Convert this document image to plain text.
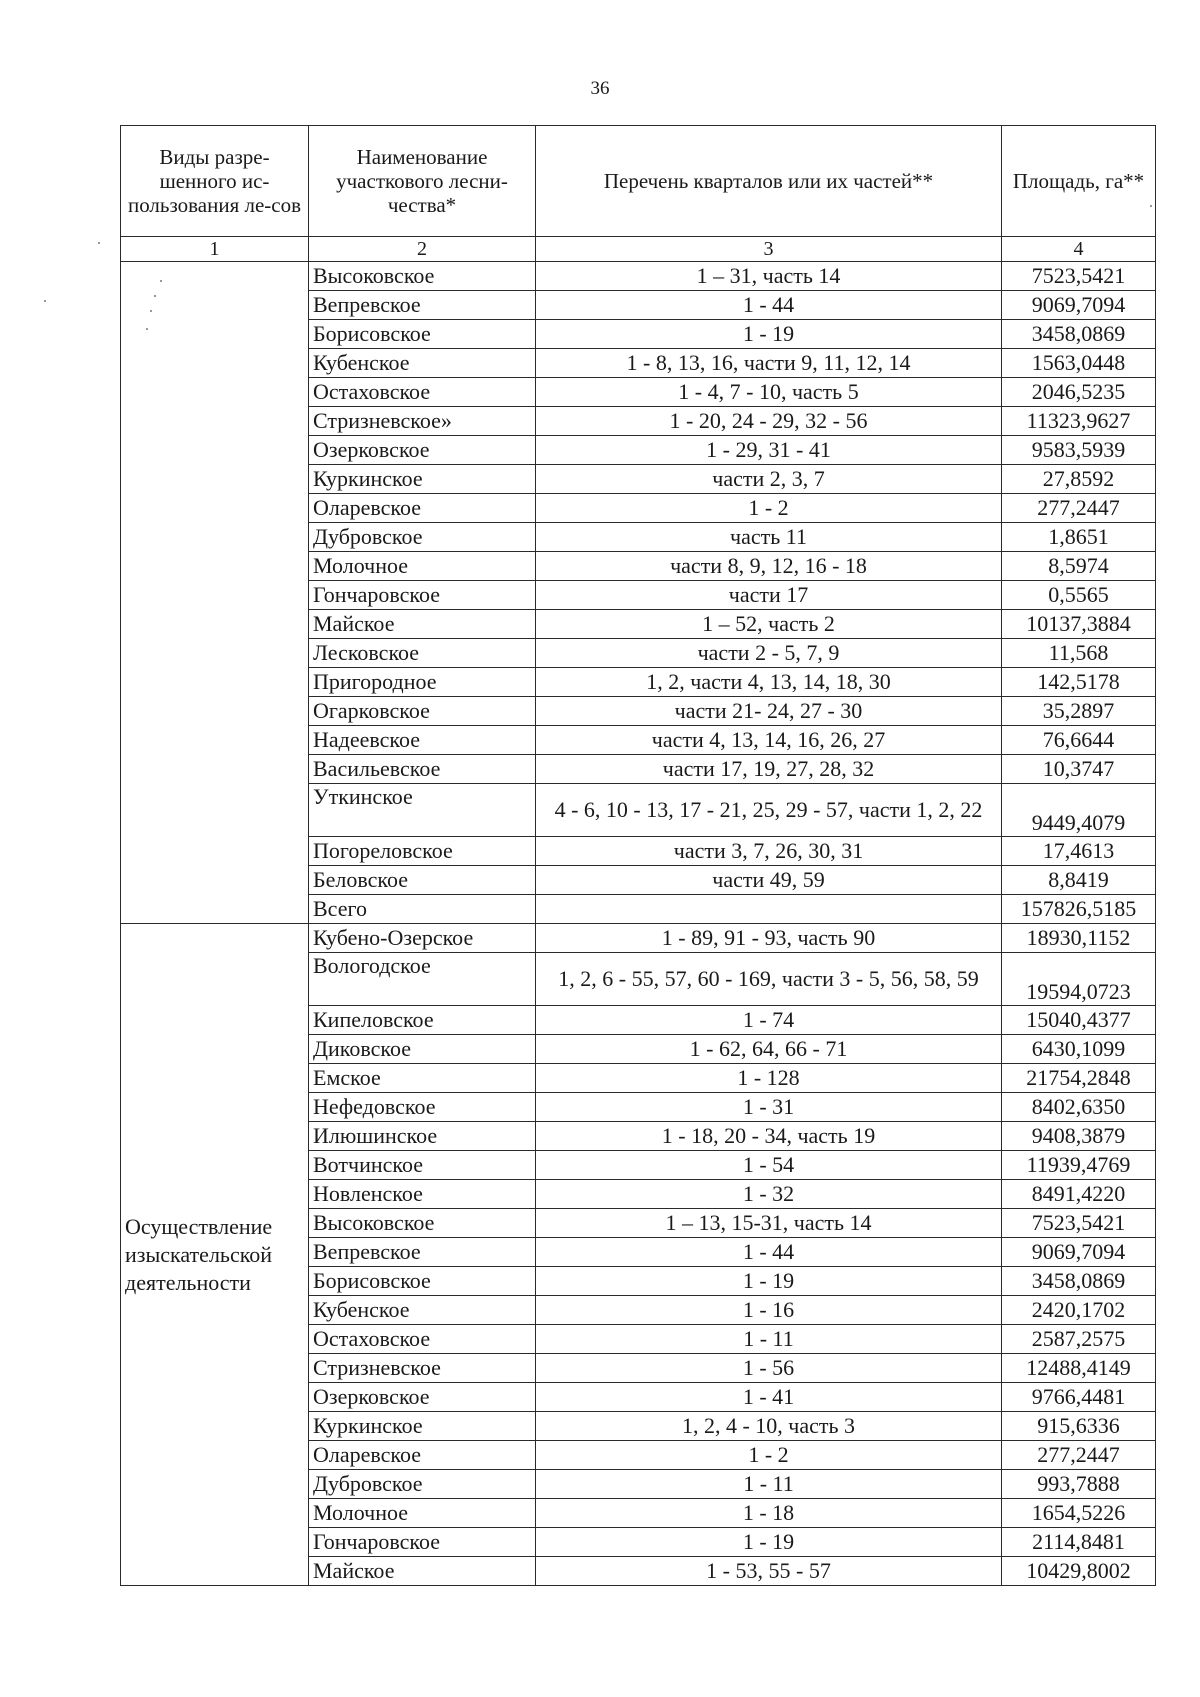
36
Виды разре-шенного ис-пользования ле-сов	Наименование участкового лесни-чества*	Перечень кварталов или их частей**	Площадь, га**
1	2	3	4
	Высоковское	1 – 31, часть 14	7523,5421
	Вепревское	1 - 44	9069,7094
	Борисовское	1 - 19	3458,0869
	Кубенское	1 - 8, 13, 16, части 9, 11, 12, 14	1563,0448
	Остаховское	1 - 4, 7 - 10, часть 5	2046,5235
	Стризневское»	1 - 20, 24 - 29, 32 - 56	11323,9627
	Озерковское	1 - 29, 31 - 41	9583,5939
	Куркинское	части 2, 3, 7	27,8592
	Оларевское	1 - 2	277,2447
	Дубровское	часть 11	1,8651
	Молочное	части 8, 9, 12, 16 - 18	8,5974
	Гончаровское	части 17	0,5565
	Майское	1 – 52, часть 2	10137,3884
	Лесковское	части 2 - 5, 7, 9	11,568
	Пригородное	1, 2, части 4, 13, 14, 18, 30	142,5178
	Огарковское	части 21- 24, 27 - 30	35,2897
	Надеевское	части 4, 13, 14, 16, 26, 27	76,6644
	Васильевское	части 17, 19, 27, 28, 32	10,3747
	Уткинское	4 - 6, 10 - 13, 17 - 21, 25, 29 - 57, части 1, 2, 22	9449,4079
	Погореловское	части 3, 7, 26, 30, 31	17,4613
	Беловское	части 49, 59	8,8419
	Всего		157826,5185
Осуществление изыскательской деятельности	Кубено-Озерское	1 - 89, 91 - 93, часть 90	18930,1152
	Вологодское	1, 2, 6 - 55, 57, 60 - 169, части 3 - 5, 56, 58, 59	19594,0723
	Кипеловское	1 - 74	15040,4377
	Диковское	1 - 62, 64, 66 - 71	6430,1099
	Емское	1 - 128	21754,2848
	Нефедовское	1 - 31	8402,6350
	Илюшинское	1 - 18, 20 - 34, часть 19	9408,3879
	Вотчинское	1 - 54	11939,4769
	Новленское	1 - 32	8491,4220
	Высоковское	1 – 13, 15-31, часть 14	7523,5421
	Вепревское	1 - 44	9069,7094
	Борисовское	1 - 19	3458,0869
	Кубенское	1 - 16	2420,1702
	Остаховское	1 - 11	2587,2575
	Стризневское	1 - 56	12488,4149
	Озерковское	1 - 41	9766,4481
	Куркинское	1, 2, 4 - 10, часть 3	915,6336
	Оларевское	1 - 2	277,2447
	Дубровское	1 - 11	993,7888
	Молочное	1 - 18	1654,5226
	Гончаровское	1 - 19	2114,8481
	Майское	1 - 53, 55 - 57	10429,8002
